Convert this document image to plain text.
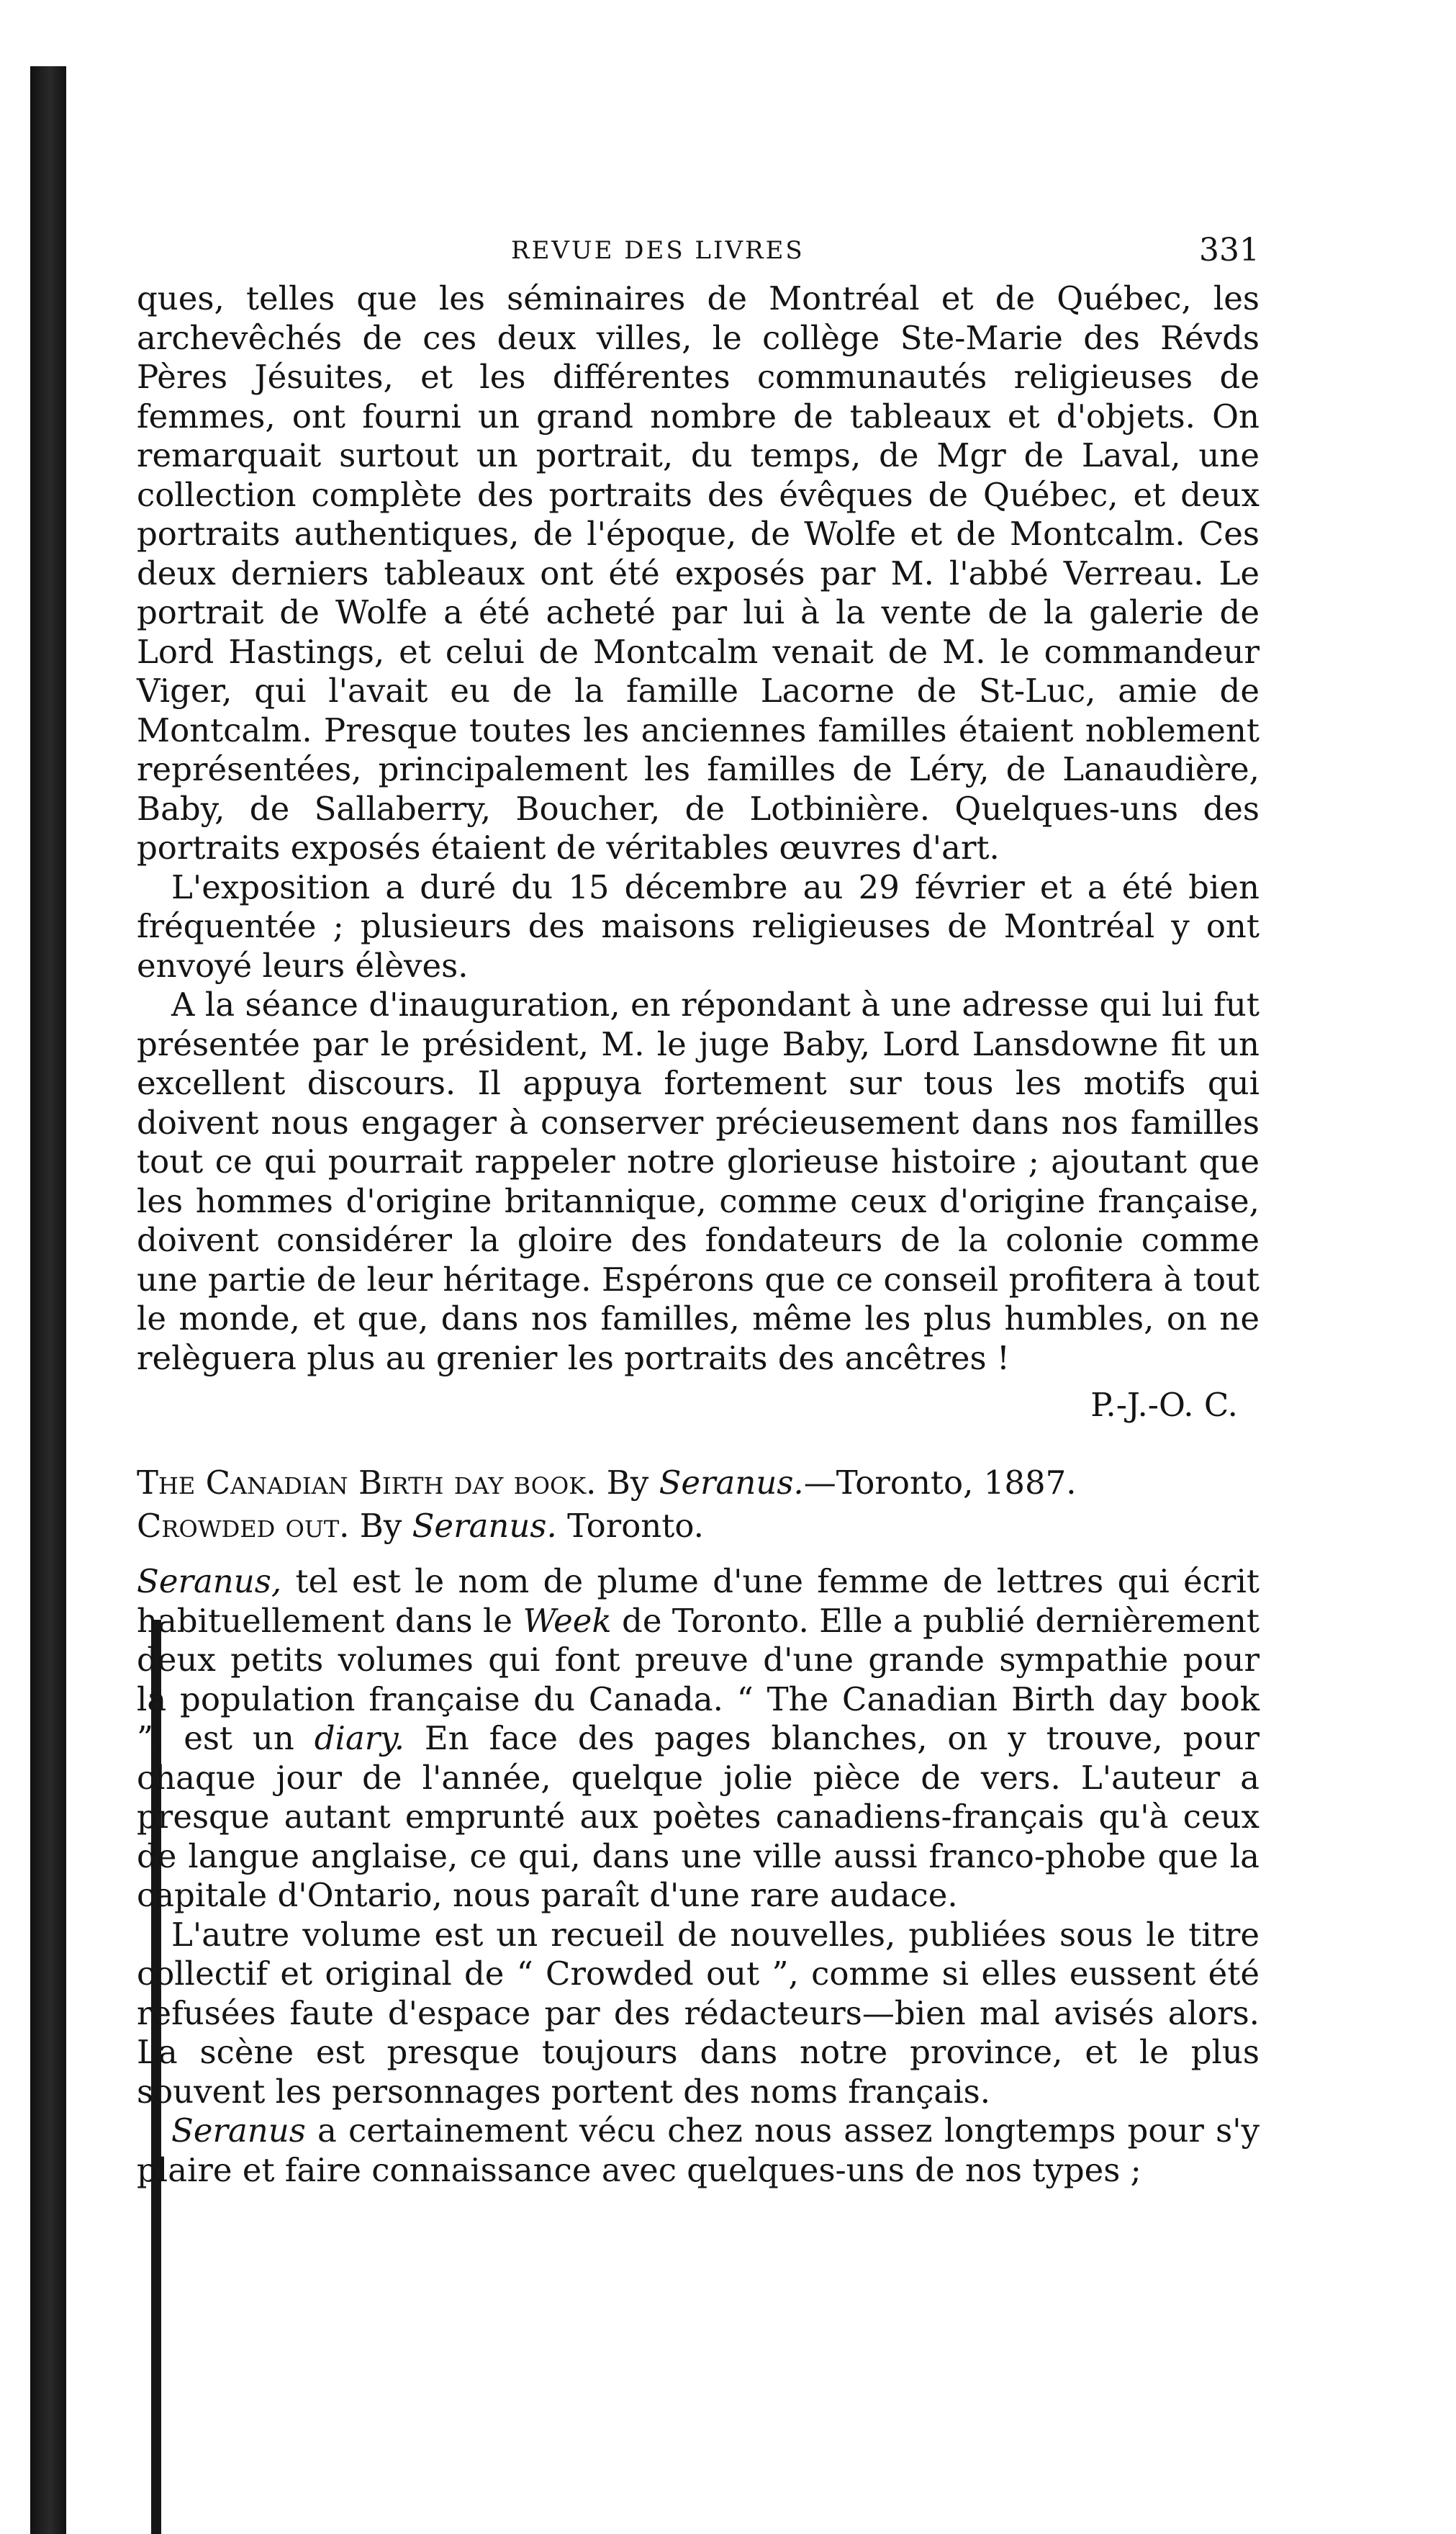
REVUE DES LIVRES	331

ques, telles que les séminaires de Montréal et de Québec, les archevêchés de ces deux villes, le collège Ste-Marie des Révds Pères Jésuites, et les différentes communautés religieuses de femmes, ont fourni un grand nombre de tableaux et d'objets. On remarquait surtout un portrait, du temps, de Mgr de Laval, une collection complète des portraits des évêques de Québec, et deux portraits authentiques, de l'époque, de Wolfe et de Montcalm. Ces deux derniers tableaux ont été exposés par M. l'abbé Verreau. Le portrait de Wolfe a été acheté par lui à la vente de la galerie de Lord Hastings, et celui de Montcalm venait de M. le commandeur Viger, qui l'avait eu de la famille Lacorne de St-Luc, amie de Montcalm. Presque toutes les anciennes familles étaient noblement représentées, principalement les familles de Léry, de Lanaudière, Baby, de Sallaberry, Boucher, de Lotbinière. Quelques-uns des portraits exposés étaient de véritables œuvres d'art.

L'exposition a duré du 15 décembre au 29 février et a été bien fréquentée ; plusieurs des maisons religieuses de Montréal y ont envoyé leurs élèves.

A la séance d'inauguration, en répondant à une adresse qui lui fut présentée par le président, M. le juge Baby, Lord Lansdowne fit un excellent discours. Il appuya fortement sur tous les motifs qui doivent nous engager à conserver précieusement dans nos familles tout ce qui pourrait rappeler notre glorieuse histoire ; ajoutant que les hommes d'origine britannique, comme ceux d'origine française, doivent considérer la gloire des fondateurs de la colonie comme une partie de leur héritage. Espérons que ce conseil profitera à tout le monde, et que, dans nos familles, même les plus humbles, on ne relèguera plus au grenier les portraits des ancêtres !

P.-J.-O. C.

The Canadian Birth day book. By Seranus.—Toronto, 1887.
Crowded out. By Seranus. Toronto.

Seranus, tel est le nom de plume d'une femme de lettres qui écrit habituellement dans le Week de Toronto. Elle a publié dernièrement deux petits volumes qui font preuve d'une grande sympathie pour la population française du Canada. “ The Canadian Birth day book ”, est un diary. En face des pages blanches, on y trouve, pour chaque jour de l'année, quelque jolie pièce de vers. L'auteur a presque autant emprunté aux poètes canadiens-français qu'à ceux de langue anglaise, ce qui, dans une ville aussi franco-phobe que la capitale d'Ontario, nous paraît d'une rare audace.

L'autre volume est un recueil de nouvelles, publiées sous le titre collectif et original de “ Crowded out ”, comme si elles eussent été refusées faute d'espace par des rédacteurs—bien mal avisés alors. La scène est presque toujours dans notre province, et le plus souvent les personnages portent des noms français.

Seranus a certainement vécu chez nous assez longtemps pour s'y plaire et faire connaissance avec quelques-uns de nos types ;
